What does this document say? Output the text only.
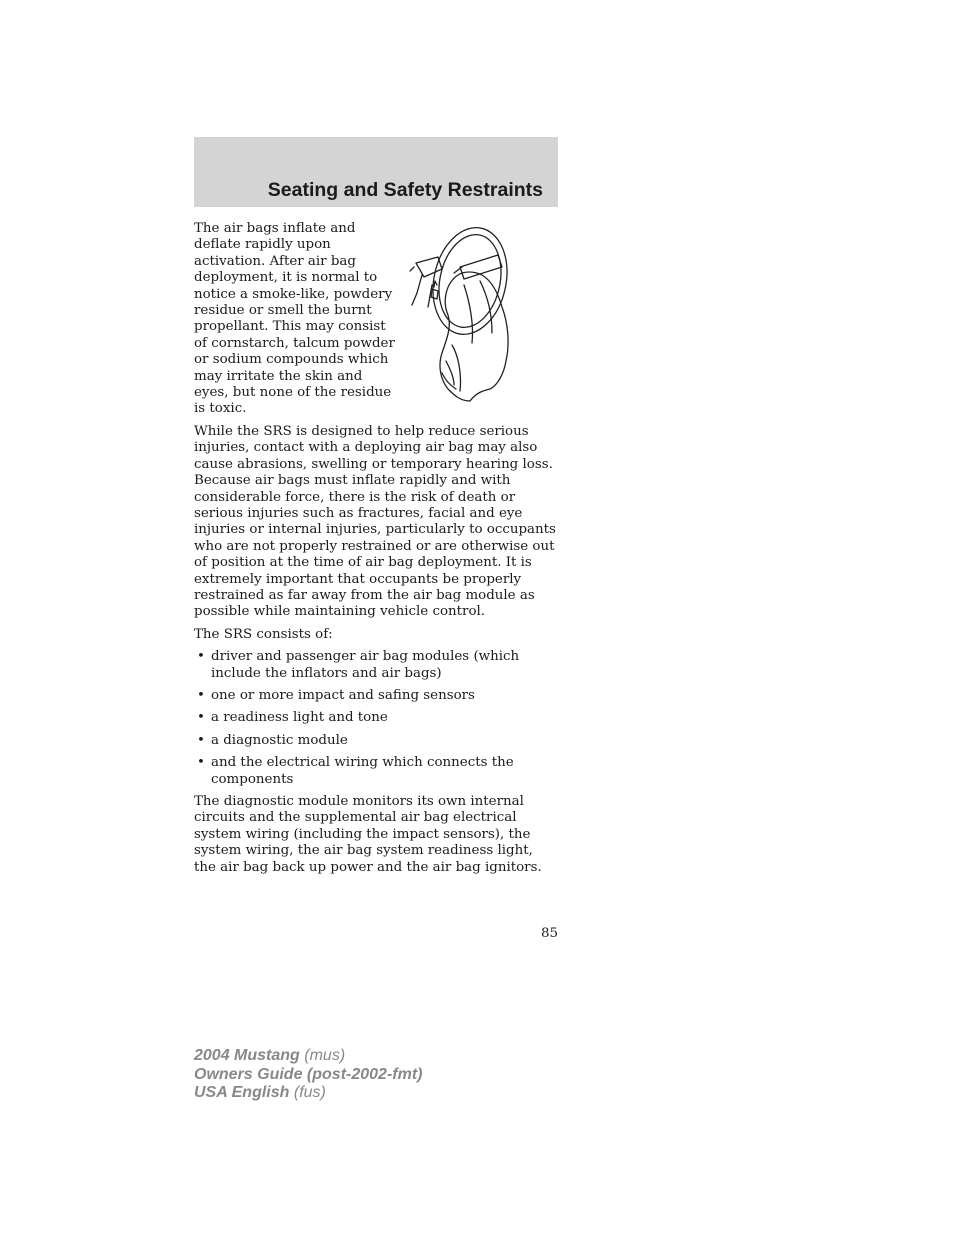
Seating and Safety Restraints

The air bags inflate and deflate rapidly upon activation. After air bag deployment, it is normal to notice a smoke-like, powdery residue or smell the burnt propellant. This may consist of cornstarch, talcum powder or sodium compounds which may irritate the skin and eyes, but none of the residue is toxic.

While the SRS is designed to help reduce serious injuries, contact with a deploying air bag may also cause abrasions, swelling or temporary hearing loss. Because air bags must inflate rapidly and with considerable force, there is the risk of death or serious injuries such as fractures, facial and eye injuries or internal injuries, particularly to occupants who are not properly restrained or are otherwise out of position at the time of air bag deployment. It is extremely important that occupants be properly restrained as far away from the air bag module as possible while maintaining vehicle control.

The SRS consists of:

• driver and passenger air bag modules (which include the inflators and air bags)
• one or more impact and safing sensors
• a readiness light and tone
• a diagnostic module
• and the electrical wiring which connects the components

The diagnostic module monitors its own internal circuits and the supplemental air bag electrical system wiring (including the impact sensors), the system wiring, the air bag system readiness light, the air bag back up power and the air bag ignitors.

85
2004 Mustang (mus)
Owners Guide (post-2002-fmt)
USA English (fus)
